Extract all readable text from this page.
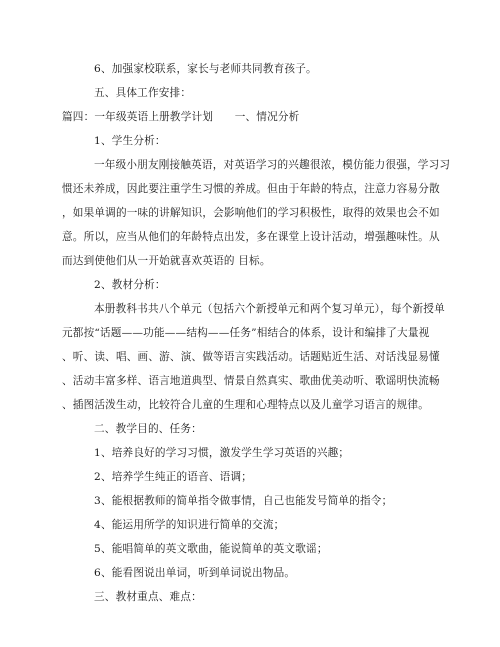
6、加强家校联系，家长与老师共同教育孩子。
五、具体工作安排：
篇四：一年级英语上册教学计划　　一、情况分析
1、学生分析：
一年级小朋友刚接触英语，对英语学习的兴趣很浓，模仿能力很强，学习习
惯还未养成，因此要注重学生习惯的养成。但由于年龄的特点，注意力容易分散
，如果单调的一味的讲解知识，会影响他们的学习积极性，取得的效果也会不如
意。所以，应当从他们的年龄特点出发，多在课堂上设计活动，增强趣味性。从
而达到使他们从一开始就喜欢英语的 目标。
2、教材分析：
本册教科书共八个单元（包括六个新授单元和两个复习单元），每个新授单
元都按“话题——功能——结构——任务”相结合的体系，设计和编排了大量视
、听、读、唱、画、游、演、做等语言实践活动。话题贴近生活、对话浅显易懂
、活动丰富多样、语言地道典型、情景自然真实、歌曲优美动听、歌谣明快流畅
、插图活泼生动，比较符合儿童的生理和心理特点以及儿童学习语言的规律。
二、教学目的、任务：
1、培养良好的学习习惯，激发学生学习英语的兴趣；
2、培养学生纯正的语音、语调；
3、能根据教师的简单指令做事情，自己也能发号简单的指令；
4、能运用所学的知识进行简单的交流；
5、能唱简单的英文歌曲，能说简单的英文歌谣；
6、能看图说出单词，听到单词说出物品。
三、教材重点、难点：
